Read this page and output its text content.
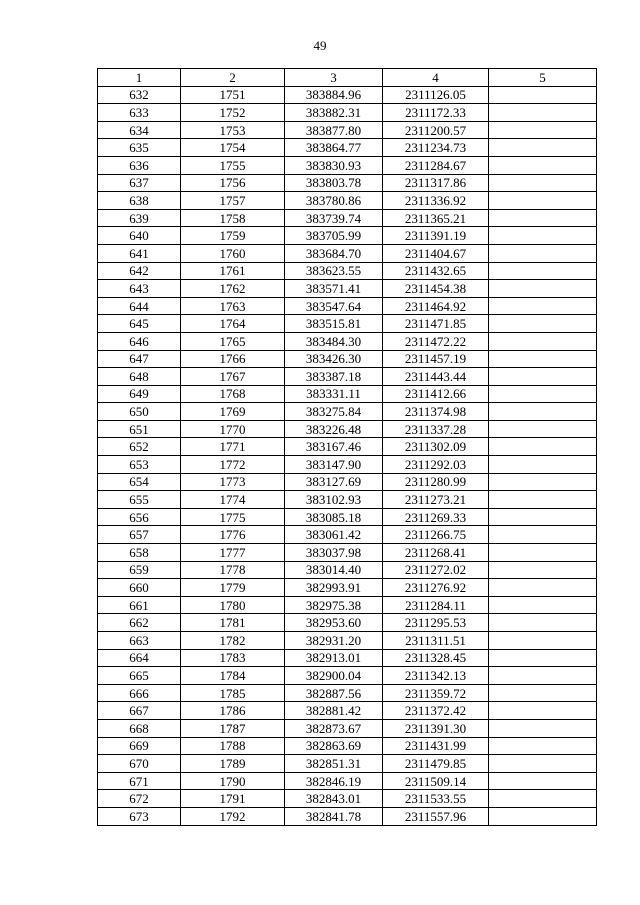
49
1	2	3	4	5
632	1751	383884.96	2311126.05	
633	1752	383882.31	2311172.33	
634	1753	383877.80	2311200.57	
635	1754	383864.77	2311234.73	
636	1755	383830.93	2311284.67	
637	1756	383803.78	2311317.86	
638	1757	383780.86	2311336.92	
639	1758	383739.74	2311365.21	
640	1759	383705.99	2311391.19	
641	1760	383684.70	2311404.67	
642	1761	383623.55	2311432.65	
643	1762	383571.41	2311454.38	
644	1763	383547.64	2311464.92	
645	1764	383515.81	2311471.85	
646	1765	383484.30	2311472.22	
647	1766	383426.30	2311457.19	
648	1767	383387.18	2311443.44	
649	1768	383331.11	2311412.66	
650	1769	383275.84	2311374.98	
651	1770	383226.48	2311337.28	
652	1771	383167.46	2311302.09	
653	1772	383147.90	2311292.03	
654	1773	383127.69	2311280.99	
655	1774	383102.93	2311273.21	
656	1775	383085.18	2311269.33	
657	1776	383061.42	2311266.75	
658	1777	383037.98	2311268.41	
659	1778	383014.40	2311272.02	
660	1779	382993.91	2311276.92	
661	1780	382975.38	2311284.11	
662	1781	382953.60	2311295.53	
663	1782	382931.20	2311311.51	
664	1783	382913.01	2311328.45	
665	1784	382900.04	2311342.13	
666	1785	382887.56	2311359.72	
667	1786	382881.42	2311372.42	
668	1787	382873.67	2311391.30	
669	1788	382863.69	2311431.99	
670	1789	382851.31	2311479.85	
671	1790	382846.19	2311509.14	
672	1791	382843.01	2311533.55	
673	1792	382841.78	2311557.96	
